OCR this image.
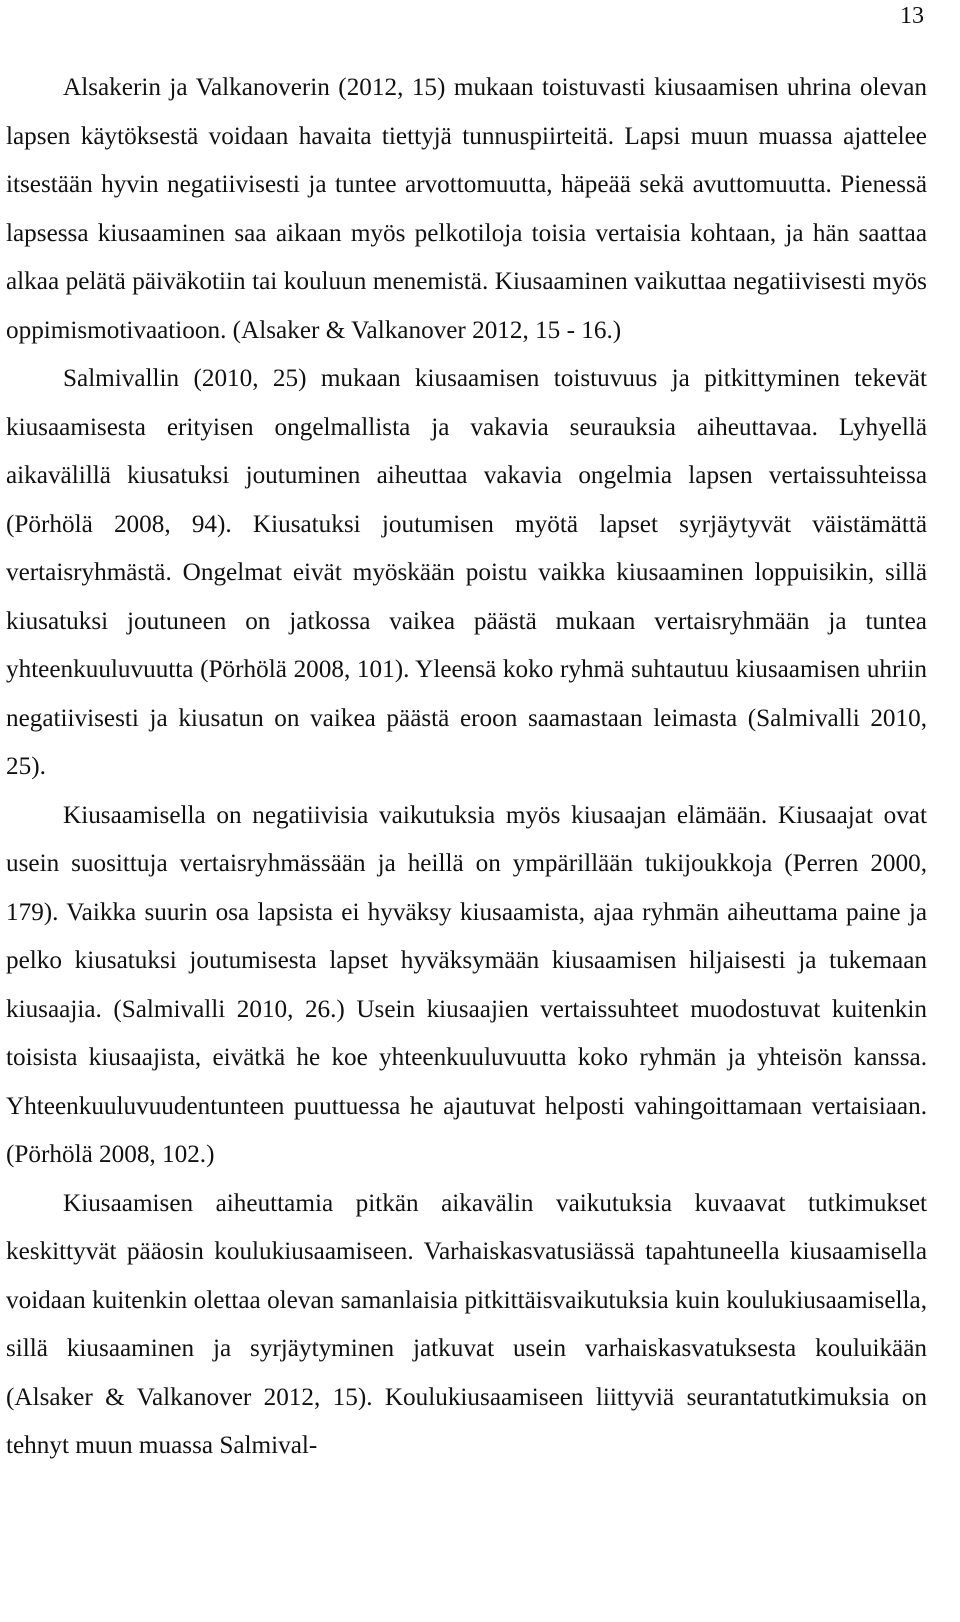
13

Alsakerin ja Valkanoverin (2012, 15) mukaan toistuvasti kiusaamisen uhrina olevan lapsen käytöksestä voidaan havaita tiettyjä tunnuspiirteitä. Lapsi muun muassa ajattelee itsestään hyvin negatiivisesti ja tuntee arvottomuutta, häpeää sekä avuttomuutta. Pienessä lapsessa kiusaaminen saa aikaan myös pelkotiloja toisia vertaisia kohtaan, ja hän saattaa alkaa pelätä päiväkotiin tai kouluun menemistä. Kiusaaminen vaikuttaa negatiivisesti myös oppimismotivaatioon. (Alsaker & Valkanover 2012, 15 - 16.)

Salmivallin (2010, 25) mukaan kiusaamisen toistuvuus ja pitkittyminen tekevät kiusaamisesta erityisen ongelmallista ja vakavia seurauksia aiheuttavaa. Lyhyellä aikavälillä kiusatuksi joutuminen aiheuttaa vakavia ongelmia lapsen vertaissuhteissa (Pörhölä 2008, 94). Kiusatuksi joutumisen myötä lapset syrjäytyvät väistämättä vertaisryhmästä. Ongelmat eivät myöskään poistu vaikka kiusaaminen loppuisikin, sillä kiusatuksi joutuneen on jatkossa vaikea päästä mukaan vertaisryhmään ja tuntea yhteenkuuluvuutta (Pörhölä 2008, 101). Yleensä koko ryhmä suhtautuu kiusaamisen uhriin negatiivisesti ja kiusatun on vaikea päästä eroon saamastaan leimasta (Salmivalli 2010, 25).

Kiusaamisella on negatiivisia vaikutuksia myös kiusaajan elämään. Kiusaajat ovat usein suosittuja vertaisryhmässään ja heillä on ympärillään tukijoukkoja (Perren 2000, 179). Vaikka suurin osa lapsista ei hyväksy kiusaamista, ajaa ryhmän aiheuttama paine ja pelko kiusatuksi joutumisesta lapset hyväksymään kiusaamisen hiljaisesti ja tukemaan kiusaajia. (Salmivalli 2010, 26.) Usein kiusaajien vertaissuhteet muodostuvat kuitenkin toisista kiusaajista, eivätkä he koe yhteenkuuluvuutta koko ryhmän ja yhteisön kanssa. Yhteenkuuluvuudentunteen puuttuessa he ajautuvat helposti vahingoittamaan vertaisiaan. (Pörhölä 2008, 102.)

Kiusaamisen aiheuttamia pitkän aikavälin vaikutuksia kuvaavat tutkimukset keskittyvät pääosin koulukiusaamiseen. Varhaiskasvatusiässä tapahtuneella kiusaamisella voidaan kuitenkin olettaa olevan samanlaisia pitkittäisvaikutuksia kuin koulukiusaamisella, sillä kiusaaminen ja syrjäytyminen jatkuvat usein varhaiskasvatuksesta kouluikään (Alsaker & Valkanover 2012, 15). Koulukiusaamiseen liittyviä seurantatutkimuksia on tehnyt muun muassa Salmival-
